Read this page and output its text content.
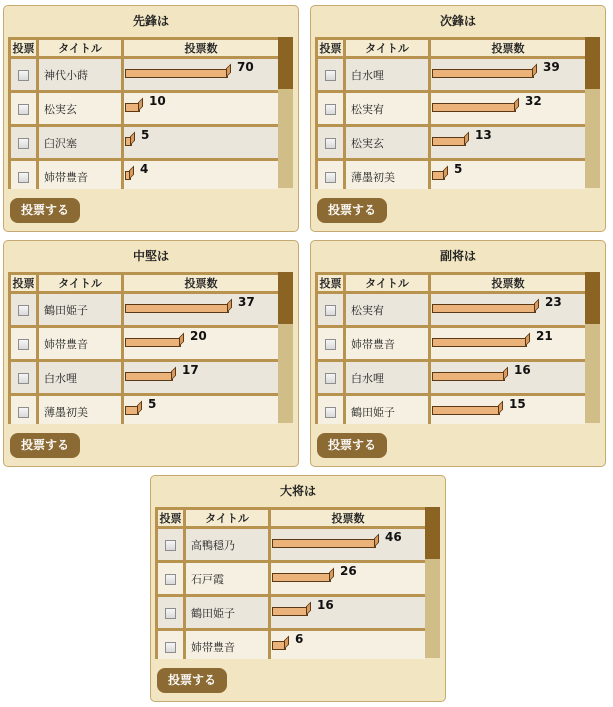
先鋒は
投票	タイトル	投票数
	神代小蒔	70

	松実玄	10

	臼沢塞	5

	姉帯豊音	4
投票する
次鋒は
投票	タイトル	投票数
	白水哩	39

	松実宥	32

	松実玄	13

	薄墨初美	5
投票する
中堅は
投票	タイトル	投票数
	鶴田姫子	37

	姉帯豊音	20

	白水哩	17

	薄墨初美	5
投票する
副将は
投票	タイトル	投票数
	松実宥	23

	姉帯豊音	21

	白水哩	16

	鶴田姫子	15
投票する
大将は
投票	タイトル	投票数
	高鴨穏乃	46

	石戸霞	26

	鶴田姫子	16

	姉帯豊音	6
投票する
